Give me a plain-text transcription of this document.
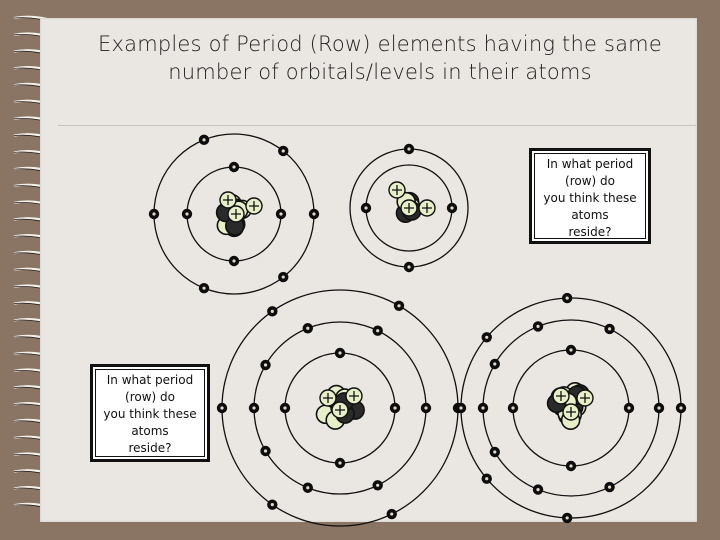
Examples of Period (Row) elements having the same
number of orbitals/levels in their atoms
In what period
(row) do
you think these
atoms
reside?
In what period
(row) do
you think these
atoms
reside?
